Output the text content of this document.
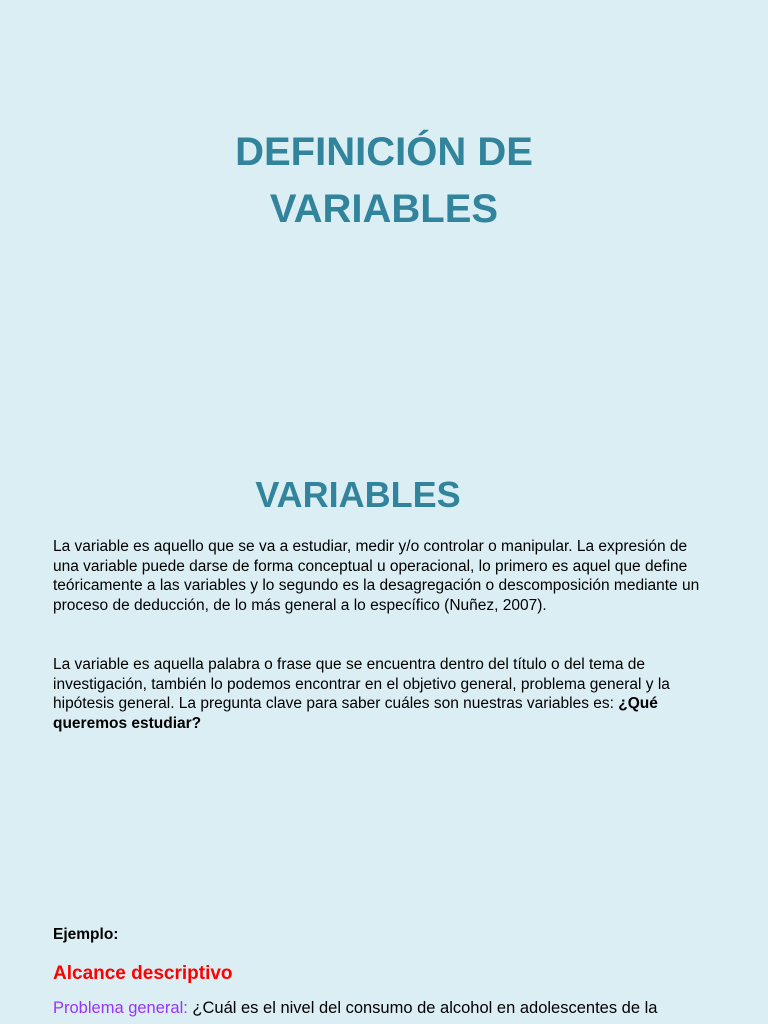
DEFINICIÓN DE
VARIABLES
VARIABLES

La variable es aquello que se va a estudiar, medir y/o controlar o manipular. La expresión de una variable puede darse de forma conceptual u operacional, lo primero es aquel que define teóricamente a las variables y lo segundo es la desagregación o descomposición mediante un proceso de deducción, de lo más general a lo específico (Nuñez, 2007).

La variable es aquella palabra o frase que se encuentra dentro del título o del tema de investigación, también lo podemos encontrar en el objetivo general, problema general y la hipótesis general. La pregunta clave para saber cuáles son nuestras variables es: ¿Qué queremos estudiar?

Ejemplo:

Alcance descriptivo

Problema general: ¿Cuál es el nivel del consumo de alcohol en adolescentes de la
